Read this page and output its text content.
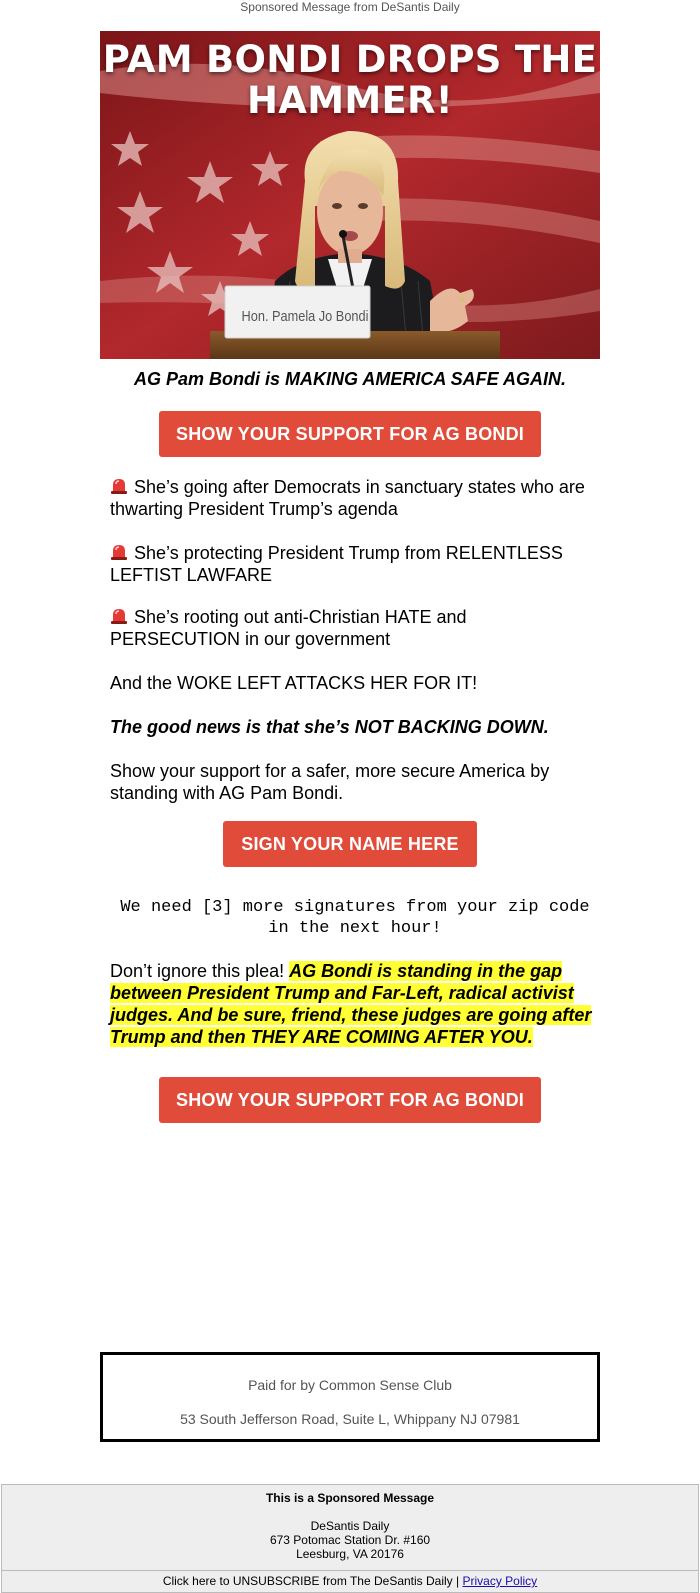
Sponsored Message from DeSantis Daily
PAM BONDI DROPS THE HAMMER!
Hon. Pamela Jo Bondi
AG Pam Bondi is MAKING AMERICA SAFE AGAIN.
SHOW YOUR SUPPORT FOR AG BONDI
She’s going after Democrats in sanctuary states who are thwarting President Trump’s agenda
She’s protecting President Trump from RELENTLESS LEFTIST LAWFARE
She’s rooting out anti-Christian HATE and PERSECUTION in our government
And the WOKE LEFT ATTACKS HER FOR IT!
The good news is that she’s NOT BACKING DOWN.
Show your support for a safer, more secure America by standing with AG Pam Bondi.
SIGN YOUR NAME HERE
We need [3] more signatures from your zip code in the next hour!
Don’t ignore this plea! AG Bondi is standing in the gap between President Trump and Far-Left, radical activist judges. And be sure, friend, these judges are going after Trump and then THEY ARE COMING AFTER YOU.
SHOW YOUR SUPPORT FOR AG BONDI
Paid for by Common Sense Club
53 South Jefferson Road, Suite L, Whippany NJ 07981
This is a Sponsored Message
DeSantis Daily
673 Potomac Station Dr. #160
Leesburg, VA 20176
Click here to UNSUBSCRIBE from The DeSantis Daily | Privacy Policy
